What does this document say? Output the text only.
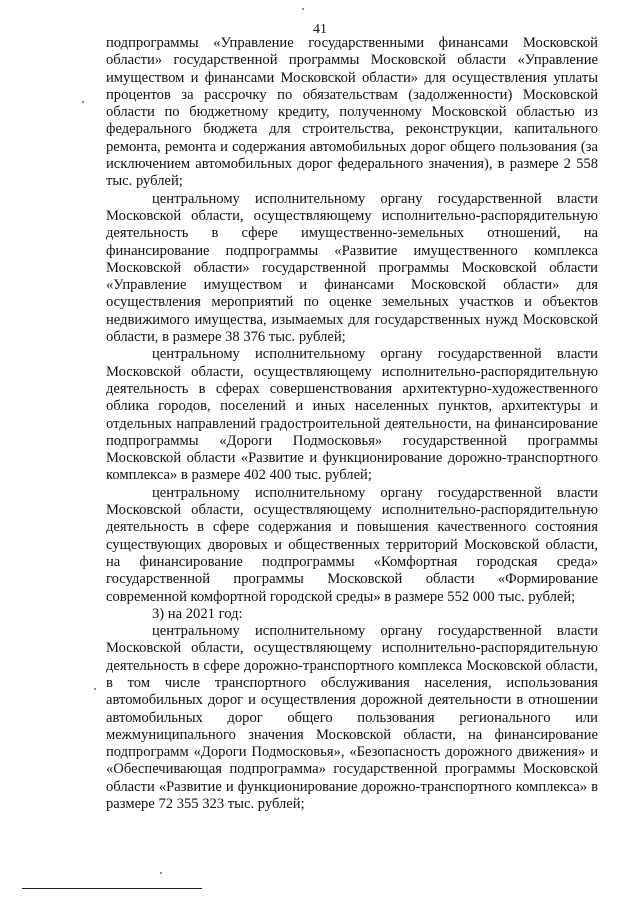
41

подпрограммы «Управление государственными финансами Московской области» государственной программы Московской области «Управление имуществом и финансами Московской области» для осуществления уплаты процентов за рассрочку по обязательствам (задолженности) Московской области по бюджетному кредиту, полученному Московской областью из федерального бюджета для строительства, реконструкции, капитального ремонта, ремонта и содержания автомобильных дорог общего пользования (за исключением автомобильных дорог федерального значения), в размере 2 558 тыс. рублей;

центральному исполнительному органу государственной власти Московской области, осуществляющему исполнительно-распорядительную деятельность в сфере имущественно-земельных отношений, на финансирование подпрограммы «Развитие имущественного комплекса Московской области» государственной программы Московской области «Управление имуществом и финансами Московской области» для осуществления мероприятий по оценке земельных участков и объектов недвижимого имущества, изымаемых для государственных нужд Московской области, в размере 38 376 тыс. рублей;

центральному исполнительному органу государственной власти Московской области, осуществляющему исполнительно-распорядительную деятельность в сферах совершенствования архитектурно-художественного облика городов, поселений и иных населенных пунктов, архитектуры и отдельных направлений градостроительной деятельности, на финансирование подпрограммы «Дороги Подмосковья» государственной программы Московской области «Развитие и функционирование дорожно-транспортного комплекса» в размере 402 400 тыс. рублей;

центральному исполнительному органу государственной власти Московской области, осуществляющему исполнительно-распорядительную деятельность в сфере содержания и повышения качественного состояния существующих дворовых и общественных территорий Московской области, на финансирование подпрограммы «Комфортная городская среда» государственной программы Московской области «Формирование современной комфортной городской среды» в размере 552 000 тыс. рублей;

3) на 2021 год:

центральному исполнительному органу государственной власти Московской области, осуществляющему исполнительно-распорядительную деятельность в сфере дорожно-транспортного комплекса Московской области, в том числе транспортного обслуживания населения, использования автомобильных дорог и осуществления дорожной деятельности в отношении автомобильных дорог общего пользования регионального или межмуниципального значения Московской области, на финансирование подпрограмм «Дороги Подмосковья», «Безопасность дорожного движения» и «Обеспечивающая подпрограмма» государственной программы Московской области «Развитие и функционирование дорожно-транспортного комплекса» в размере 72 355 323 тыс. рублей;
